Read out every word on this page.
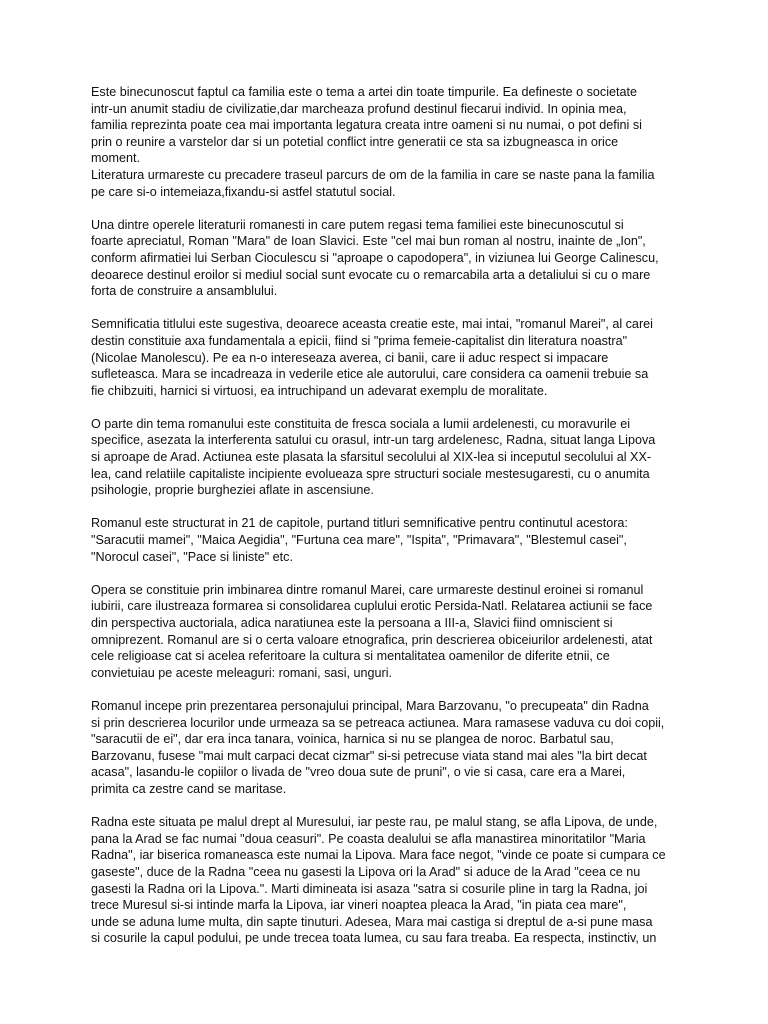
Este binecunoscut faptul ca familia este o tema a artei din toate timpurile. Ea defineste o societate
intr-un anumit stadiu de civilizatie,dar marcheaza profund destinul fiecarui individ. In opinia mea,
familia reprezinta poate cea mai importanta legatura creata intre oameni si nu numai, o pot defini si
prin o reunire a varstelor dar si un potetial conflict intre generatii ce sta sa izbugneasca in orice
moment.
Literatura urmareste cu precadere traseul parcurs de om de la familia in care se naste pana la familia
pe care si-o intemeiaza,fixandu-si astfel statutul social.

Una dintre operele literaturii romanesti in care putem regasi tema familiei este binecunoscutul si
foarte apreciatul, Roman "Mara" de Ioan Slavici. Este "cel mai bun roman al nostru, inainte de „Ion",
conform afirmatiei lui Serban Cioculescu si "aproape o capodopera", in viziunea lui George Calinescu,
deoarece destinul eroilor si mediul social sunt evocate cu o remarcabila arta a detaliului si cu o mare
forta de construire a ansamblului.

Semnificatia titlului este sugestiva, deoarece aceasta creatie este, mai intai, "romanul Marei", al carei
destin constituie axa fundamentala a epicii, fiind si "prima femeie-capitalist din literatura noastra"
(Nicolae Manolescu). Pe ea n-o intereseaza averea, ci banii, care ii aduc respect si impacare
sufleteasca. Mara se incadreaza in vederile etice ale autorului, care considera ca oamenii trebuie sa
fie chibzuiti, harnici si virtuosi, ea intruchipand un adevarat exemplu de moralitate.

O parte din tema romanului este constituita de fresca sociala a lumii ardelenesti, cu moravurile ei
specifice, asezata la interferenta satului cu orasul, intr-un targ ardelenesc, Radna, situat langa Lipova
si aproape de Arad. Actiunea este plasata la sfarsitul secolului al XIX-lea si inceputul secolului al XX-
lea, cand relatiile capitaliste incipiente evolueaza spre structuri sociale mestesugaresti, cu o anumita
psihologie, proprie burgheziei aflate in ascensiune.

Romanul este structurat in 21 de capitole, purtand titluri semnificative pentru continutul acestora:
"Saracutii mamei", "Maica Aegidia", "Furtuna cea mare", "Ispita", "Primavara", "Blestemul casei",
"Norocul casei", "Pace si liniste" etc.

Opera se constituie prin imbinarea dintre romanul Marei, care urmareste destinul eroinei si romanul
iubirii, care ilustreaza formarea si consolidarea cuplului erotic Persida-Natl. Relatarea actiunii se face
din perspectiva auctoriala, adica naratiunea este la persoana a III-a, Slavici fiind omniscient si
omniprezent. Romanul are si o certa valoare etnografica, prin descrierea obiceiurilor ardelenesti, atat
cele religioase cat si acelea referitoare la cultura si mentalitatea oamenilor de diferite etnii, ce
convietuiau pe aceste meleaguri: romani, sasi, unguri.

Romanul incepe prin prezentarea personajului principal, Mara Barzovanu, "o precupeata" din Radna
si prin descrierea locurilor unde urmeaza sa se petreaca actiunea. Mara ramasese vaduva cu doi copii,
"saracutii de ei", dar era inca tanara, voinica, harnica si nu se plangea de noroc. Barbatul sau,
Barzovanu, fusese "mai mult carpaci decat cizmar" si-si petrecuse viata stand mai ales "la birt decat
acasa", lasandu-le copiilor o livada de "vreo doua sute de pruni", o vie si casa, care era a Marei,
primita ca zestre cand se maritase.

Radna este situata pe malul drept al Muresului, iar peste rau, pe malul stang, se afla Lipova, de unde,
pana la Arad se fac numai "doua ceasuri". Pe coasta dealului se afla manastirea minoritatilor "Maria
Radna", iar biserica romaneasca este numai la Lipova. Mara face negot, "vinde ce poate si cumpara ce
gaseste", duce de la Radna "ceea nu gasesti la Lipova ori la Arad" si aduce de la Arad "ceea ce nu
gasesti la Radna ori la Lipova.". Marti dimineata isi asaza "satra si cosurile pline in targ la Radna, joi
trece Muresul si-si intinde marfa la Lipova, iar vineri noaptea pleaca la Arad, "in piata cea mare",
unde se aduna lume multa, din sapte tinuturi. Adesea, Mara mai castiga si dreptul de a-si pune masa
si cosurile la capul podului, pe unde trecea toata lumea, cu sau fara treaba. Ea respecta, instinctiv, un
